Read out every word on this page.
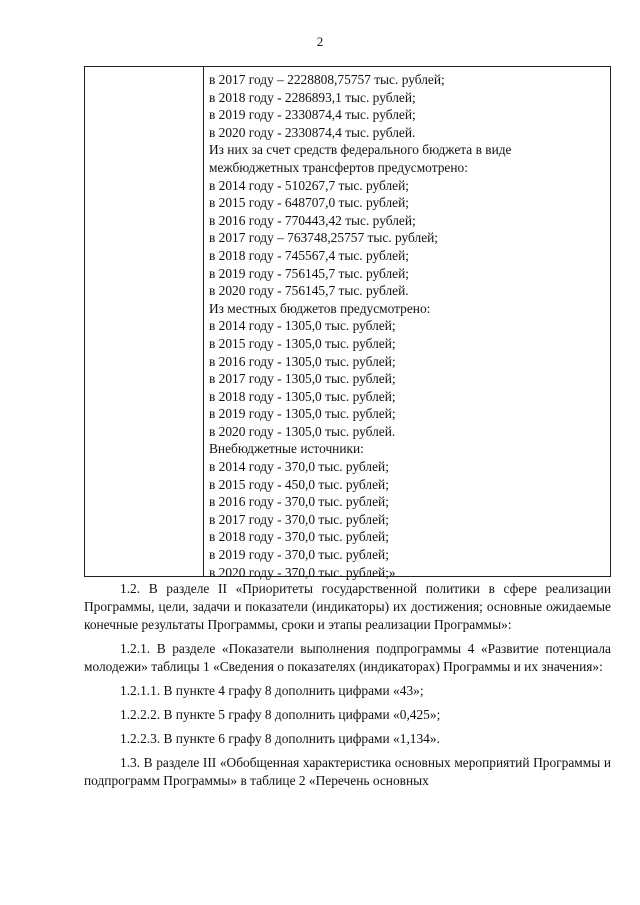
2
в 2017 году – 2228808,75757 тыс. рублей;
в 2018 году - 2286893,1 тыс. рублей;
в 2019 году - 2330874,4 тыс. рублей;
в 2020 году - 2330874,4 тыс. рублей.
Из них за счет средств федерального бюджета в виде
межбюджетных трансфертов предусмотрено:
в 2014 году - 510267,7 тыс. рублей;
в 2015 году - 648707,0 тыс. рублей;
в 2016 году - 770443,42 тыс. рублей;
в 2017 году – 763748,25757 тыс. рублей;
в 2018 году - 745567,4 тыс. рублей;
в 2019 году - 756145,7 тыс. рублей;
в 2020 году - 756145,7 тыс. рублей.
Из местных бюджетов предусмотрено:
в 2014 году - 1305,0 тыс. рублей;
в 2015 году - 1305,0 тыс. рублей;
в 2016 году - 1305,0 тыс. рублей;
в 2017 году - 1305,0 тыс. рублей;
в 2018 году - 1305,0 тыс. рублей;
в 2019 году - 1305,0 тыс. рублей;
в 2020 году - 1305,0 тыс. рублей.
Внебюджетные источники:
в 2014 году - 370,0 тыс. рублей;
в 2015 году - 450,0 тыс. рублей;
в 2016 году - 370,0 тыс. рублей;
в 2017 году - 370,0 тыс. рублей;
в 2018 году - 370,0 тыс. рублей;
в 2019 году - 370,0 тыс. рублей;
в 2020 году - 370,0 тыс. рублей;»

1.2. В разделе II «Приоритеты государственной политики в сфере реализации Программы, цели, задачи и показатели (индикаторы) их достижения; основные ожидаемые конечные результаты Программы, сроки и этапы реализации Программы»:

1.2.1. В разделе «Показатели выполнения подпрограммы 4 «Развитие потенциала молодежи» таблицы 1 «Сведения о показателях (индикаторах) Программы и их значения»:

1.2.1.1. В пункте 4 графу 8 дополнить цифрами «43»;

1.2.2.2. В пункте 5 графу 8 дополнить цифрами «0,425»;

1.2.2.3. В пункте 6 графу 8 дополнить цифрами «1,134».

1.3. В разделе III «Обобщенная характеристика основных мероприятий Программы и подпрограмм Программы» в таблице 2 «Перечень основных
